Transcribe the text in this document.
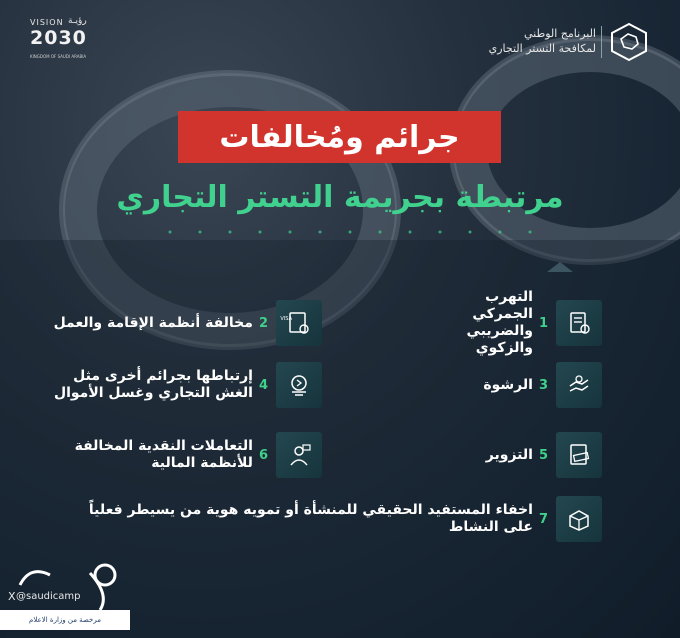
VISION رؤيـة
2030
KINGDOM OF SAUDI ARABIA
البرنامج الوطني
لمكافحة التستر التجاري
جرائم ومُخالفات
مرتبطة بجريمة التستر التجاري
1
التهرب الجمركي والضريبي والزكوي
VISA
2
مخالفة أنظمة الإقامة والعمل
3
الرشوة
4
إرتباطها بجرائم أخرى مثل الغش التجاري وغسل الأموال
5
التزوير
6
التعاملات النقدية المخالفة للأنظمة المالية
7
اخفاء المستفيد الحقيقي للمنشأة أو تمويه هوية من يسيطر فعلياً على النشاط
X @saudicamp
مرخصة من وزارة الاعلام
